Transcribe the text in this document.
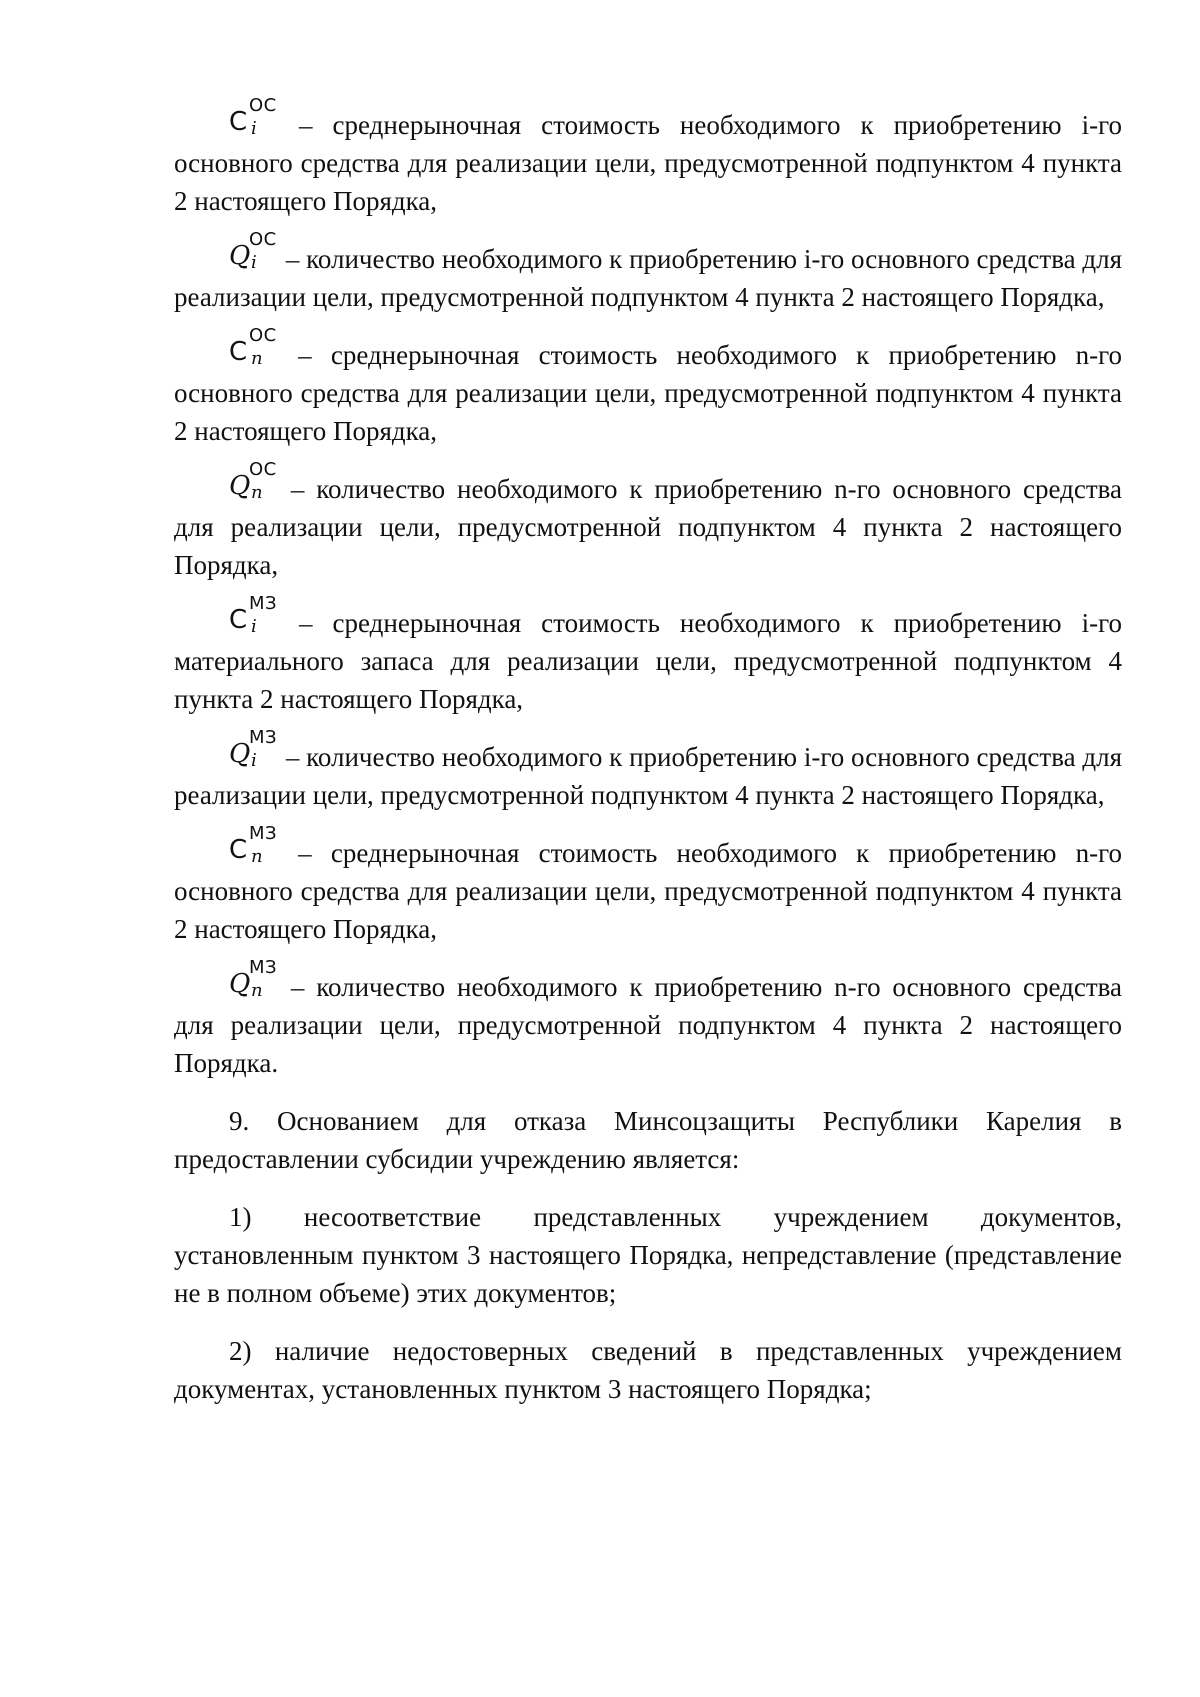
С
ОС
i – среднерыночная стоимость необходимого к приобретению i-го основного средства для реализации цели, предусмотренной подпунктом 4 пункта 2 настоящего Порядка,

Q
ОС
i – количество необходимого к приобретению i-го основного средства для реализации цели, предусмотренной подпунктом 4 пункта 2 настоящего Порядка,

С
ОС
n – среднерыночная стоимость необходимого к приобретению n-го основного средства для реализации цели, предусмотренной подпунктом 4 пункта 2 настоящего Порядка,

Q
ОС
n – количество необходимого к приобретению n-го основного средства для реализации цели, предусмотренной подпунктом 4 пункта 2 настоящего Порядка,

С
МЗ
i – среднерыночная стоимость необходимого к приобретению i-го материального запаса для реализации цели, предусмотренной подпунктом 4 пункта 2 настоящего Порядка,

Q
МЗ
i – количество необходимого к приобретению i-го основного средства для реализации цели, предусмотренной подпунктом 4 пункта 2 настоящего Порядка,

С
МЗ
n – среднерыночная стоимость необходимого к приобретению n-го основного средства для реализации цели, предусмотренной подпунктом 4 пункта 2 настоящего Порядка,

Q
МЗ
n – количество необходимого к приобретению n-го основного средства для реализации цели, предусмотренной подпунктом 4 пункта 2 настоящего Порядка.

9. Основанием для отказа Минсоцзащиты Республики Карелия в предоставлении субсидии учреждению является:

1) несоответствие представленных учреждением документов, установленным пунктом 3 настоящего Порядка, непредставление (представление не в полном объеме) этих документов;

2) наличие недостоверных сведений в представленных учреждением документах, установленных пунктом 3 настоящего Порядка;
